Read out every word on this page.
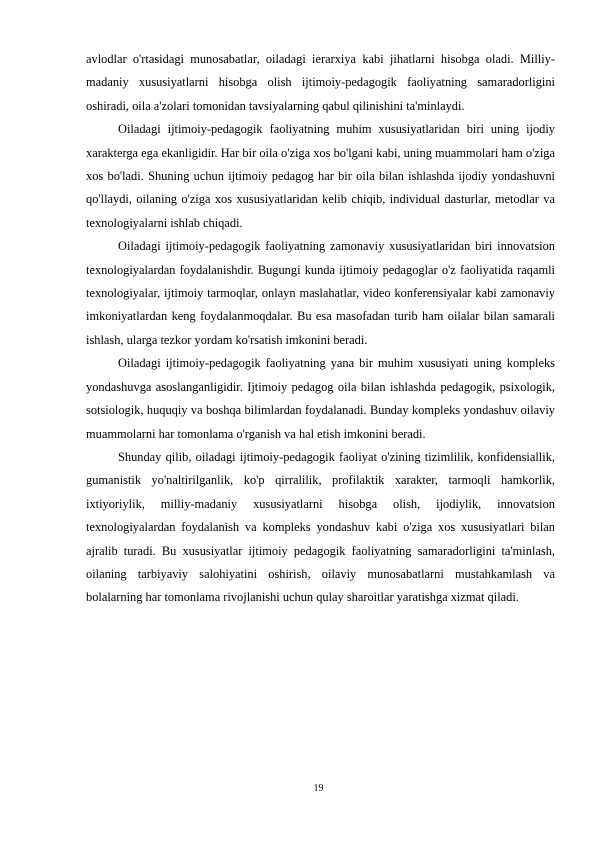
avlodlar o'rtasidagi munosabatlar, oiladagi ierarxiya kabi jihatlarni hisobga oladi. Milliy-madaniy xususiyatlarni hisobga olish ijtimoiy-pedagogik faoliyatning samaradorligini oshiradi, oila a'zolari tomonidan tavsiyalarning qabul qilinishini ta'minlaydi.

Oiladagi ijtimoiy-pedagogik faoliyatning muhim xususiyatlaridan biri uning ijodiy xarakterga ega ekanligidir. Har bir oila o'ziga xos bo'lgani kabi, uning muammolari ham o'ziga xos bo'ladi. Shuning uchun ijtimoiy pedagog har bir oila bilan ishlashda ijodiy yondashuvni qo'llaydi, oilaning o'ziga xos xususiyatlaridan kelib chiqib, individual dasturlar, metodlar va texnologiyalarni ishlab chiqadi.

Oiladagi ijtimoiy-pedagogik faoliyatning zamonaviy xususiyatlaridan biri innovatsion texnologiyalardan foydalanishdir. Bugungi kunda ijtimoiy pedagoglar o'z faoliyatida raqamli texnologiyalar, ijtimoiy tarmoqlar, onlayn maslahatlar, video konferensiyalar kabi zamonaviy imkoniyatlardan keng foydalanmoqdalar. Bu esa masofadan turib ham oilalar bilan samarali ishlash, ularga tezkor yordam ko'rsatish imkonini beradi.

Oiladagi ijtimoiy-pedagogik faoliyatning yana bir muhim xususiyati uning kompleks yondashuvga asoslanganligidir. Ijtimoiy pedagog oila bilan ishlashda pedagogik, psixologik, sotsiologik, huquqiy va boshqa bilimlardan foydalanadi. Bunday kompleks yondashuv oilaviy muammolarni har tomonlama o'rganish va hal etish imkonini beradi.

Shunday qilib, oiladagi ijtimoiy-pedagogik faoliyat o'zining tizimlilik, konfidensiallik, gumanistik yo'naltirilganlik, ko'p qirralilik, profilaktik xarakter, tarmoqli hamkorlik, ixtiyoriylik, milliy-madaniy xususiyatlarni hisobga olish, ijodiylik, innovatsion texnologiyalardan foydalanish va kompleks yondashuv kabi o'ziga xos xususiyatlari bilan ajralib turadi. Bu xususiyatlar ijtimoiy pedagogik faoliyatning samaradorligini ta'minlash, oilaning tarbiyaviy salohiyatini oshirish, oilaviy munosabatlarni mustahkamlash va bolalarning har tomonlama rivojlanishi uchun qulay sharoitlar yaratishga xizmat qiladi.

19
